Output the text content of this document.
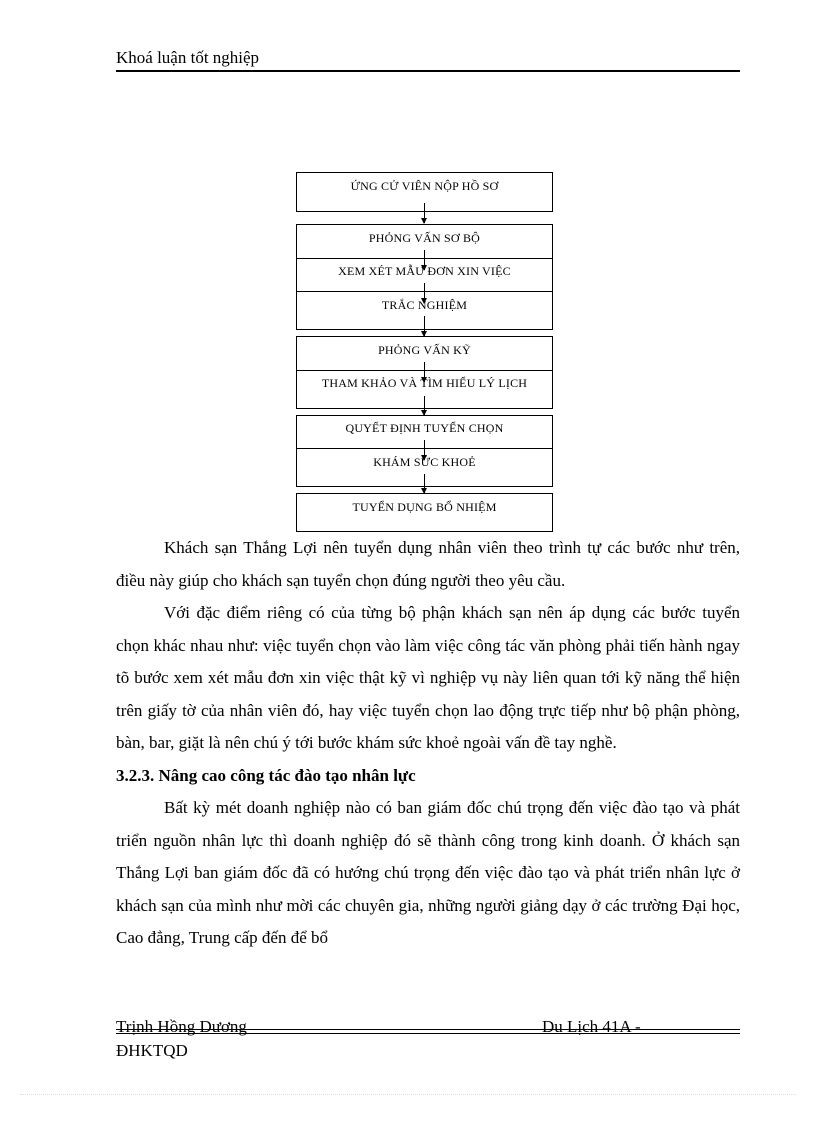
Khoá luận tốt nghiệp
ỨNG CỬ VIÊN NỘP HỒ SƠ
PHỎNG VẤN SƠ BỘ
XEM XÉT MẪU ĐƠN XIN VIỆC
TRẮC NGHIỆM
PHỎNG VẤN KỸ
THAM KHẢO VÀ TÌM HIỂU LÝ LỊCH
QUYẾT ĐỊNH TUYỂN CHỌN
KHÁM SỨC KHOẺ
TUYỂN DỤNG BỔ NHIỆM

Khách sạn Thắng Lợi nên tuyển dụng nhân viên theo trình tự các bước như trên, điều này giúp cho khách sạn tuyển chọn đúng người theo yêu cầu.

Với đặc điểm riêng có của từng bộ phận khách sạn nên áp dụng các bước tuyển chọn khác nhau như: việc tuyển chọn vào làm việc công tác văn phòng phải tiến hành ngay tõ bước xem xét mẫu đơn xin việc thật kỹ vì nghiệp vụ này liên quan tới kỹ năng thể hiện trên giấy tờ của nhân viên đó, hay việc tuyển chọn lao động trực tiếp như bộ phận phòng, bàn, bar, giặt là nên chú ý tới bước khám sức khoẻ ngoài vấn đề tay nghề.

3.2.3. Nâng cao công tác đào tạo nhân lực

Bất kỳ mét doanh nghiệp nào có ban giám đốc chú trọng đến việc đào tạo và phát triển nguồn nhân lực thì doanh nghiệp đó sẽ thành công trong kinh doanh. Ở khách sạn Thắng Lợi ban giám đốc đã có hướng chú trọng đến việc đào tạo và phát triển nhân lực ở khách sạn của mình như mời các chuyên gia, những người giảng dạy ở các trường Đại học, Cao đẳng, Trung cấp đến để bổ

Trịnh Hồng Dương	Du Lịch 41A -
ĐHKTQD
